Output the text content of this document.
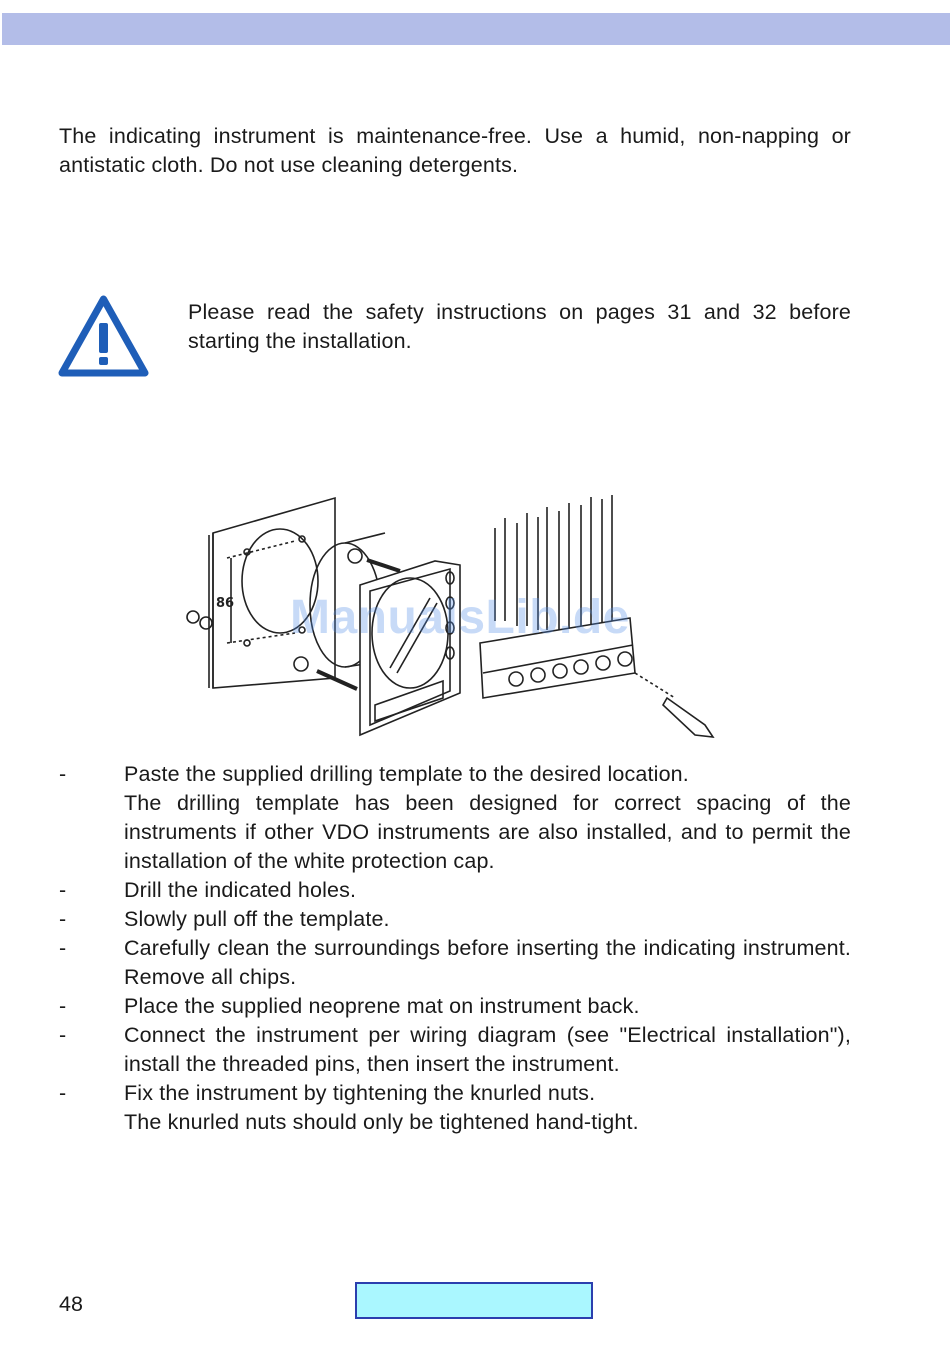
The indicating instrument is maintenance-free. Use a humid, non-napping or antistatic cloth. Do not use cleaning detergents.

Please read the safety instructions on pages 31 and 32 before starting the installation.

86 ManualsLib.de
-	Paste the supplied drilling template to the desired location.
The drilling template has been designed for correct spacing of the instruments if other VDO instruments are also installed, and to permit the installation of the white protection cap.
-	Drill the indicated holes.
-	Slowly pull off the template.
-	Carefully clean the surroundings before inserting the indicating instrument. Remove all chips.
-	Place the supplied neoprene mat on instrument back.
-	Connect the instrument per wiring diagram (see "Electrical installation"), install the threaded pins, then insert the instrument.
-	Fix the instrument by tightening the knurled nuts.
The knurled nuts should only be tightened hand-tight.
48
